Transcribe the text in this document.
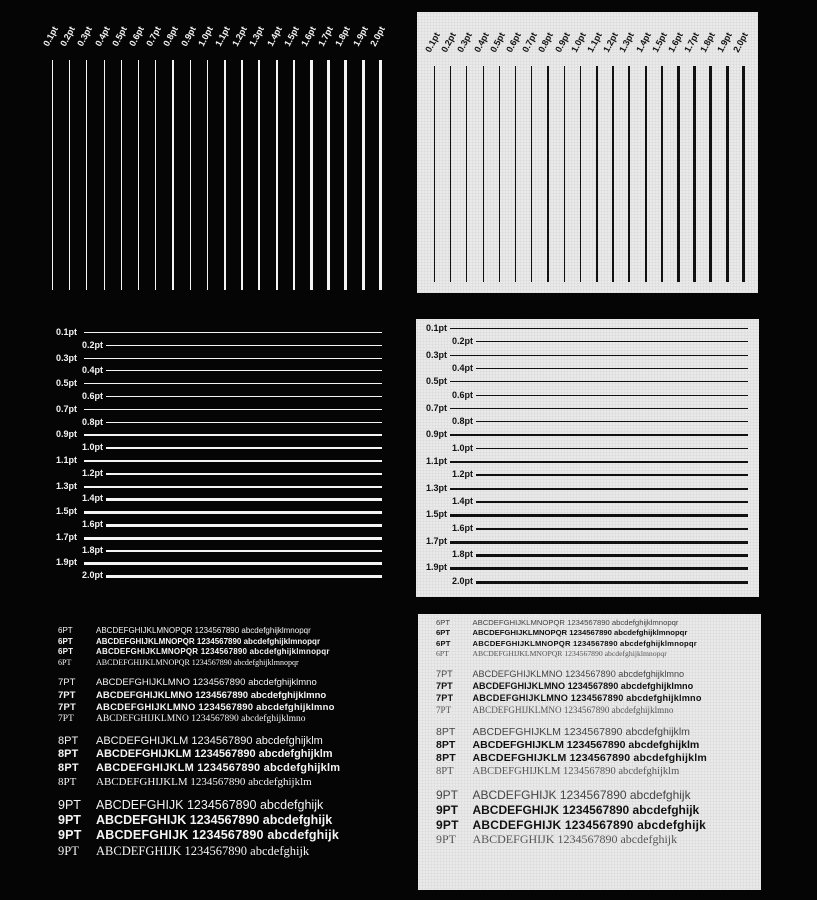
0.1pt
0.2pt
0.3pt
0.4pt
0.5pt
0.6pt
0.7pt
0.8pt
0.9pt
1.0pt
1.1pt
1.2pt
1.3pt
1.4pt
1.5pt
1.6pt
1.7pt
1.8pt
1.9pt
2.0pt	0.1pt
0.2pt
0.3pt
0.4pt
0.5pt
0.6pt
0.7pt
0.8pt
0.9pt
1.0pt
1.1pt
1.2pt
1.3pt
1.4pt
1.5pt
1.6pt
1.7pt
1.8pt
1.9pt
2.0pt
0.1pt
0.2pt
0.3pt
0.4pt
0.5pt
0.6pt
0.7pt
0.8pt
0.9pt
1.0pt
1.1pt
1.2pt
1.3pt
1.4pt
1.5pt
1.6pt
1.7pt
1.8pt
1.9pt
2.0pt
0.1pt
0.2pt
0.3pt
0.4pt
0.5pt
0.6pt
0.7pt
0.8pt
0.9pt
1.0pt
1.1pt
1.2pt
1.3pt
1.4pt
1.5pt
1.6pt
1.7pt
1.8pt
1.9pt
2.0pt
6PT	ABCDEFGHIJKLMNOPQR 1234567890 abcdefghijklmnopqr
6PT	ABCDEFGHIJKLMNOPQR 1234567890 abcdefghijklmnopqr
6PT	ABCDEFGHIJKLMNOPQR 1234567890 abcdefghijklmnopqr
6PT	ABCDEFGHIJKLMNOPQR 1234567890 abcdefghijklmnopqr
7PT	ABCDEFGHIJKLMNO 1234567890 abcdefghijklmno
7PT	ABCDEFGHIJKLMNO 1234567890 abcdefghijklmno
7PT	ABCDEFGHIJKLMNO 1234567890 abcdefghijklmno
7PT	ABCDEFGHIJKLMNO 1234567890 abcdefghijklmno
8PT	ABCDEFGHIJKLM 1234567890 abcdefghijklm
8PT	ABCDEFGHIJKLM 1234567890 abcdefghijklm
8PT	ABCDEFGHIJKLM 1234567890 abcdefghijklm
8PT	ABCDEFGHIJKLM 1234567890 abcdefghijklm
9PT	ABCDEFGHIJK 1234567890 abcdefghijk
9PT	ABCDEFGHIJK 1234567890 abcdefghijk
9PT	ABCDEFGHIJK 1234567890 abcdefghijk
9PT	ABCDEFGHIJK 1234567890 abcdefghijk
6PT	ABCDEFGHIJKLMNOPQR 1234567890 abcdefghijklmnopqr
6PT	ABCDEFGHIJKLMNOPQR 1234567890 abcdefghijklmnopqr
6PT	ABCDEFGHIJKLMNOPQR 1234567890 abcdefghijklmnopqr
6PT	ABCDEFGHIJKLMNOPQR 1234567890 abcdefghijklmnopqr
7PT	ABCDEFGHIJKLMNO 1234567890 abcdefghijklmno
7PT	ABCDEFGHIJKLMNO 1234567890 abcdefghijklmno
7PT	ABCDEFGHIJKLMNO 1234567890 abcdefghijklmno
7PT	ABCDEFGHIJKLMNO 1234567890 abcdefghijklmno
8PT	ABCDEFGHIJKLM 1234567890 abcdefghijklm
8PT	ABCDEFGHIJKLM 1234567890 abcdefghijklm
8PT	ABCDEFGHIJKLM 1234567890 abcdefghijklm
8PT	ABCDEFGHIJKLM 1234567890 abcdefghijklm
9PT	ABCDEFGHIJK 1234567890 abcdefghijk
9PT	ABCDEFGHIJK 1234567890 abcdefghijk
9PT	ABCDEFGHIJK 1234567890 abcdefghijk
9PT	ABCDEFGHIJK 1234567890 abcdefghijk
